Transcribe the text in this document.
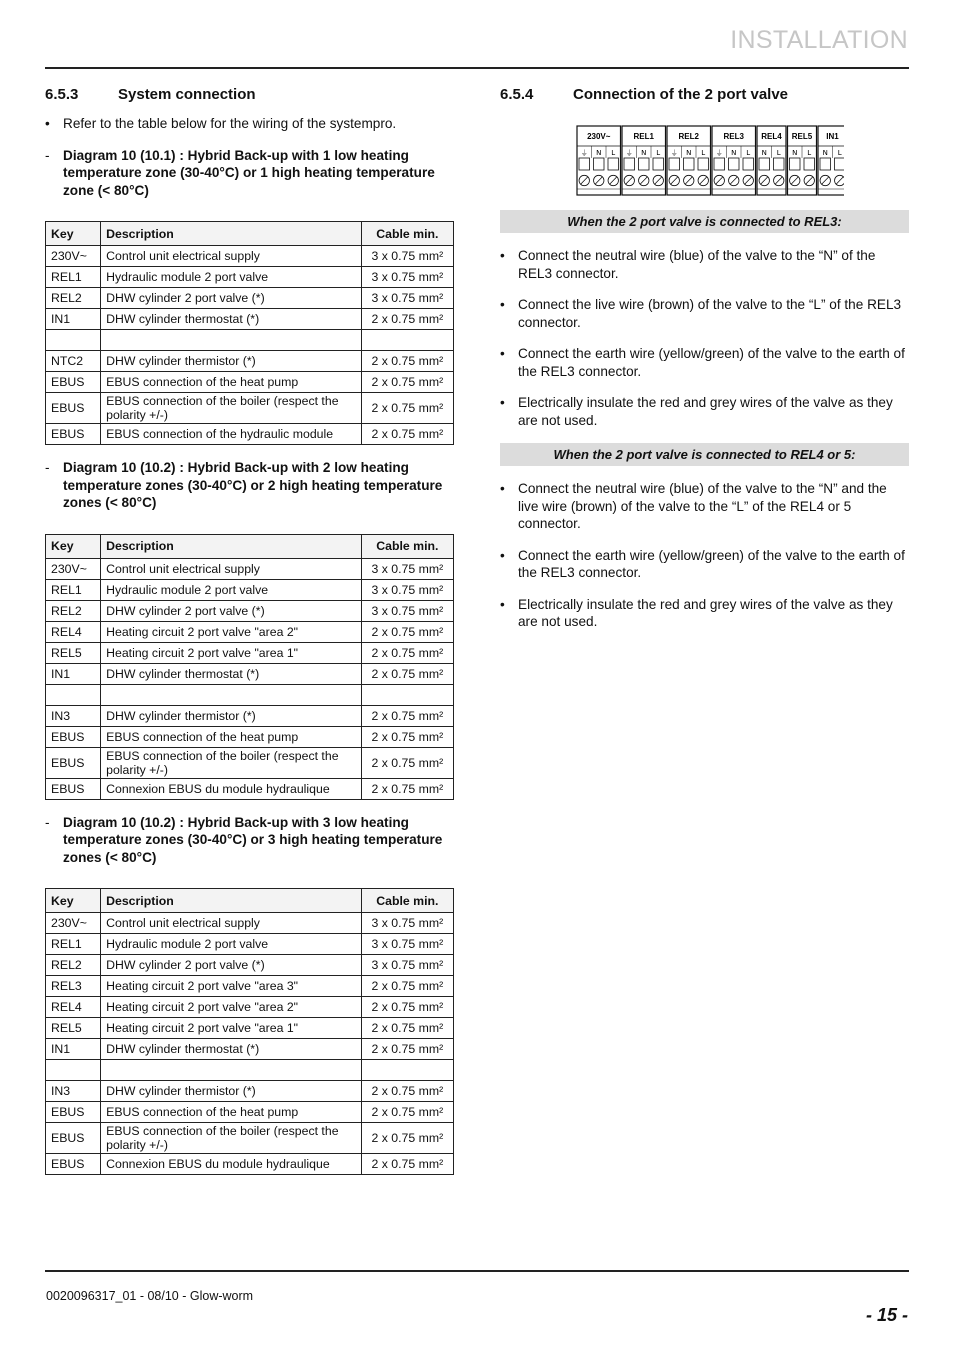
INSTALLATION
6.5.3	System connection
• Refer to the table below for the wiring of the systempro.
- Diagram 10 (10.1) : Hybrid Back-up with 1 low heating temperature zone (30-40°C) or 1 high heating temperature zone (< 80°C)
Key	Description	Cable min.
230V~	Control unit electrical supply	3 x 0.75 mm²
REL1	Hydraulic module 2 port valve	3 x 0.75 mm²
REL2	DHW cylinder 2 port valve (*)	3 x 0.75 mm²
IN1	DHW cylinder thermostat (*)	2 x 0.75 mm²

NTC2	DHW cylinder thermistor (*)	2 x 0.75 mm²
EBUS	EBUS connection of the heat pump	2 x 0.75 mm²
EBUS	EBUS connection of the boiler (respect the polarity +/-)	2 x 0.75 mm²
EBUS	EBUS connection of the hydraulic module	2 x 0.75 mm²
- Diagram 10 (10.2) : Hybrid Back-up with 2 low heating temperature zones (30-40°C) or 2 high heating temperature zones (< 80°C)
Key	Description	Cable min.
230V~	Control unit electrical supply	3 x 0.75 mm²
REL1	Hydraulic module 2 port valve	3 x 0.75 mm²
REL2	DHW cylinder 2 port valve (*)	3 x 0.75 mm²
REL4	Heating circuit 2 port valve "area 2"	2 x 0.75 mm²
REL5	Heating circuit 2 port valve "area 1"	2 x 0.75 mm²
IN1	DHW cylinder thermostat (*)	2 x 0.75 mm²

IN3	DHW cylinder thermistor (*)	2 x 0.75 mm²
EBUS	EBUS connection of the heat pump	2 x 0.75 mm²
EBUS	EBUS connection of the boiler (respect the polarity +/-)	2 x 0.75 mm²
EBUS	Connexion EBUS du module hydraulique	2 x 0.75 mm²
- Diagram 10 (10.2) : Hybrid Back-up with 3 low heating temperature zones (30-40°C) or 3 high heating temperature zones (< 80°C)
Key	Description	Cable min.
230V~	Control unit electrical supply	3 x 0.75 mm²
REL1	Hydraulic module 2 port valve	3 x 0.75 mm²
REL2	DHW cylinder 2 port valve (*)	3 x 0.75 mm²
REL3	Heating circuit 2 port valve "area 3"	2 x 0.75 mm²
REL4	Heating circuit 2 port valve "area 2"	2 x 0.75 mm²
REL5	Heating circuit 2 port valve "area 1"	2 x 0.75 mm²
IN1	DHW cylinder thermostat (*)	2 x 0.75 mm²

IN3	DHW cylinder thermistor (*)	2 x 0.75 mm²
EBUS	EBUS connection of the heat pump	2 x 0.75 mm²
EBUS	EBUS connection of the boiler (respect the polarity +/-)	2 x 0.75 mm²
EBUS	Connexion EBUS du module hydraulique	2 x 0.75 mm²
6.5.4	Connection of the 2 port valve
230V~
⏚ N L
REL1
⏚ N L
REL2
⏚ N L
REL3
⏚ N L
REL4
N L
REL5
N L
IN1
N L
When the 2 port valve is connected to REL3:
• Connect the neutral wire (blue) of the valve to the “N” of the REL3 connector.
• Connect the live wire (brown) of the valve to the “L” of the REL3 connector.
• Connect the earth wire (yellow/green) of the valve to the earth of the REL3 connector.
• Electrically insulate the red and grey wires of the valve as they are not used.
When the 2 port valve is connected to REL4 or 5:
• Connect the neutral wire (blue) of the valve to the “N” and the live wire (brown) of the valve to the “L” of the REL4 or 5 connector.
• Connect the earth wire (yellow/green) of the valve to the earth of the REL3 connector.
• Electrically insulate the red and grey wires of the valve as they are not used.
0020096317_01 - 08/10 - Glow-worm
- 15 -
